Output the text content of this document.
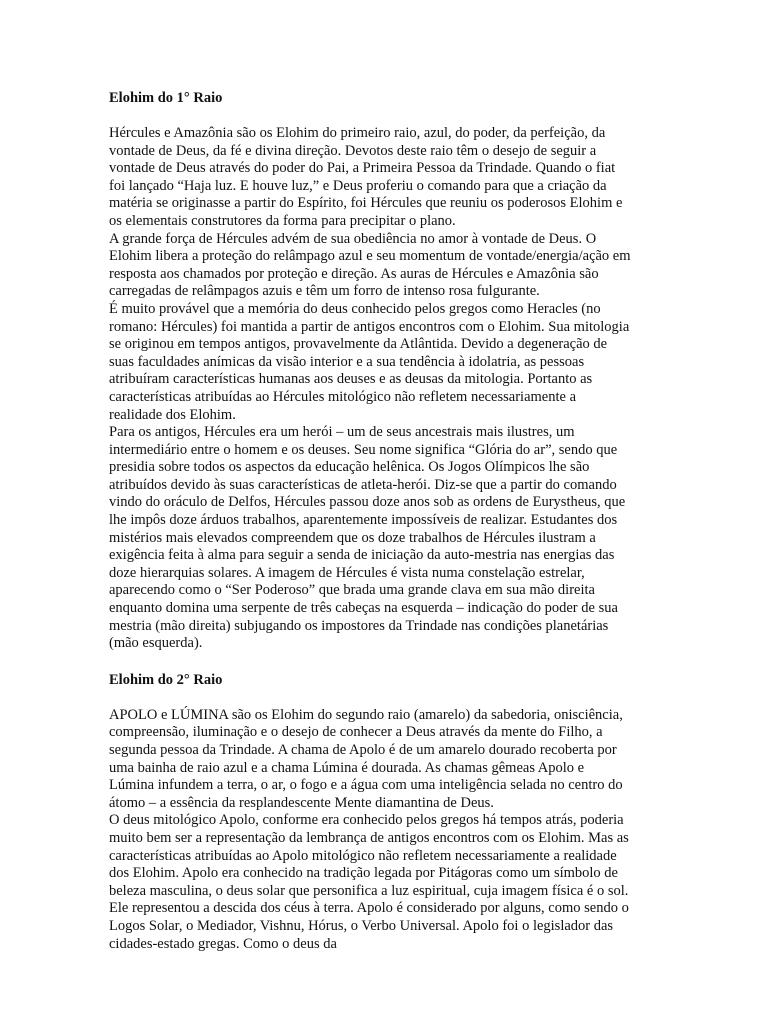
Elohim do 1° Raio

Hércules e Amazônia são os Elohim do primeiro raio, azul, do poder, da perfeição, da vontade de Deus, da fé e divina direção. Devotos deste raio têm o desejo de seguir a vontade de Deus através do poder do Pai, a Primeira Pessoa da Trindade. Quando o fiat foi lançado “Haja luz. E houve luz,” e Deus proferiu o comando para que a criação da matéria se originasse a partir do Espírito, foi Hércules que reuniu os poderosos Elohim e os elementais construtores da forma para precipitar o plano.

A grande força de Hércules advém de sua obediência no amor à vontade de Deus. O Elohim libera a proteção do relâmpago azul e seu momentum de vontade/energia/ação em resposta aos chamados por proteção e direção. As auras de Hércules e Amazônia são carregadas de relâmpagos azuis e têm um forro de intenso rosa fulgurante.

É muito provável que a memória do deus conhecido pelos gregos como Heracles (no romano: Hércules) foi mantida a partir de antigos encontros com o Elohim. Sua mitologia se originou em tempos antigos, provavelmente da Atlântida. Devido a degeneração de suas faculdades anímicas da visão interior e a sua tendência à idolatria, as pessoas atribuíram características humanas aos deuses e as deusas da mitologia. Portanto as características atribuídas ao Hércules mitológico não refletem necessariamente a realidade dos Elohim.

Para os antigos, Hércules era um herói – um de seus ancestrais mais ilustres, um intermediário entre o homem e os deuses. Seu nome significa “Glória do ar”, sendo que presidia sobre todos os aspectos da educação helênica. Os Jogos Olímpicos lhe são atribuídos devido às suas características de atleta-herói. Diz-se que a partir do comando vindo do oráculo de Delfos, Hércules passou doze anos sob as ordens de Eurystheus, que lhe impôs doze árduos trabalhos, aparentemente impossíveis de realizar. Estudantes dos mistérios mais elevados compreendem que os doze trabalhos de Hércules ilustram a exigência feita à alma para seguir a senda de iniciação da auto-mestria nas energias das doze hierarquias solares. A imagem de Hércules é vista numa constelação estrelar, aparecendo como o “Ser Poderoso” que brada uma grande clava em sua mão direita enquanto domina uma serpente de três cabeças na esquerda – indicação do poder de sua mestria (mão direita) subjugando os impostores da Trindade nas condições planetárias (mão esquerda).

Elohim do 2° Raio

APOLO e LÚMINA são os Elohim do segundo raio (amarelo) da sabedoria, onisciência, compreensão, iluminação e o desejo de conhecer a Deus através da mente do Filho, a segunda pessoa da Trindade. A chama de Apolo é de um amarelo dourado recoberta por uma bainha de raio azul e a chama Lúmina é dourada. As chamas gêmeas Apolo e Lúmina infundem a terra, o ar, o fogo e a água com uma inteligência selada no centro do átomo – a essência da resplandescente Mente diamantina de Deus.

O deus mitológico Apolo, conforme era conhecido pelos gregos há tempos atrás, poderia muito bem ser a representação da lembrança de antigos encontros com os Elohim. Mas as características atribuídas ao Apolo mitológico não refletem necessariamente a realidade dos Elohim. Apolo era conhecido na tradição legada por Pitágoras como um símbolo de beleza masculina, o deus solar que personifica a luz espiritual, cuja imagem física é o sol. Ele representou a descida dos céus à terra. Apolo é considerado por alguns, como sendo o Logos Solar, o Mediador, Vishnu, Hórus, o Verbo Universal. Apolo foi o legislador das cidades-estado gregas. Como o deus da
